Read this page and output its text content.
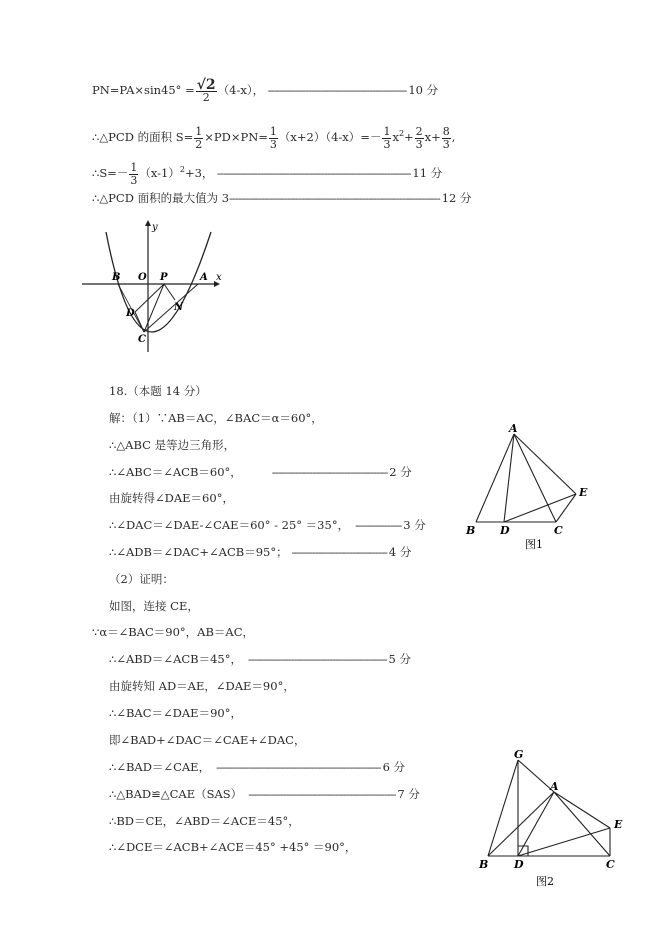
$PN=PA\times\sin 45^\circ = \frac{√2}{2} (4-x)$， ------------------------------------------------ 10 分
∴△PCD 的面积 $S= \frac{1}{2} \times PD\times PN= \frac{1}{3} (x+2)(4-x)=- \frac{1}{3} x^2+ \frac{2}{3} x+ \frac{8}{3}$ ,
∴S=－ $\frac{1}{3} (x-1)^2+3$， ------------------------------------------------------------------- 11 分
∴△PCD 面积的最大值为 3------------------------------------------------------------------------- 12 分
y
x
O P
B	A
D
N
C
18.（本题 14 分）
解：（1）∵AB＝AC，∠BAC＝α＝60°，
∴△ABC 是等边三角形，
∴∠ABC＝∠ACB＝60°，	---------------------------------------- 2 分
由旋转得∠DAE＝60°，
∴∠DAC＝∠DAE-∠CAE＝60° - 25° ＝35°， ---------------- 3 分
∴∠ADB＝∠DAC+∠ACB＝95°； --------------------------------- 4 分
（2）证明：
如图，连接 CE，
∵α＝∠BAC＝90°，AB＝AC，
∴∠ABD＝∠ACB＝45°， ------------------------------------------------ 5 分
由旋转知 AD＝AE，∠DAE＝90°，
∴∠BAC＝∠DAE＝90°，
即∠BAD+∠DAC＝∠CAE+∠DAC，
∴∠BAD＝∠CAE， --------------------------------------------------------- 6 分
∴△BAD≌△CAE（SAS） --------------------------------------------------- 7 分
∴BD＝CE，∠ABD＝∠ACE＝45°，
∴∠DCE＝∠ACB+∠ACE＝45° +45° ＝90°，
A
B	C
D
E
图1
G
A
B D	C
E
图2
